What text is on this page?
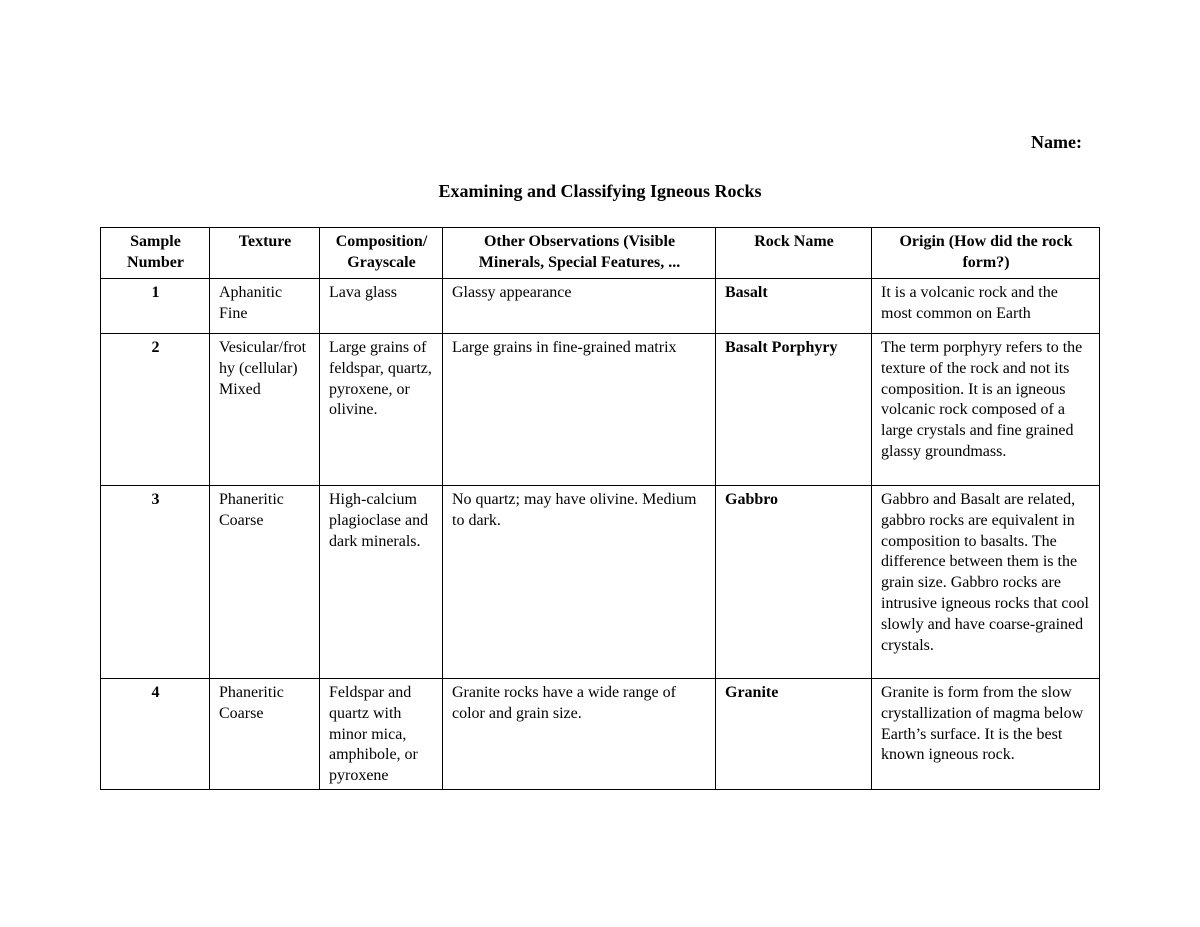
Name:
Examining and Classifying Igneous Rocks
Sample Number	Texture	Composition/ Grayscale	Other Observations (Visible Minerals, Special Features, ...	Rock Name	Origin (How did the rock form?)
1	Aphanitic Fine	Lava glass	Glassy appearance	Basalt	It is a volcanic rock and the most common on Earth
2	Vesicular/frothy (cellular) Mixed	Large grains of feldspar, quartz, pyroxene, or olivine.	Large grains in fine-grained matrix	Basalt Porphyry	The term porphyry refers to the texture of the rock and not its composition. It is an igneous volcanic rock composed of a large crystals and fine grained glassy groundmass.
3	Phaneritic Coarse	High-calcium plagioclase and dark minerals.	No quartz; may have olivine. Medium to dark.	Gabbro	Gabbro and Basalt are related, gabbro rocks are equivalent in composition to basalts. The difference between them is the grain size. Gabbro rocks are intrusive igneous rocks that cool slowly and have coarse-grained crystals.
4	Phaneritic Coarse	Feldspar and quartz with minor mica, amphibole, or pyroxene	Granite rocks have a wide range of color and grain size.	Granite	Granite is form from the slow crystallization of magma below Earth’s surface. It is the best known igneous rock.
